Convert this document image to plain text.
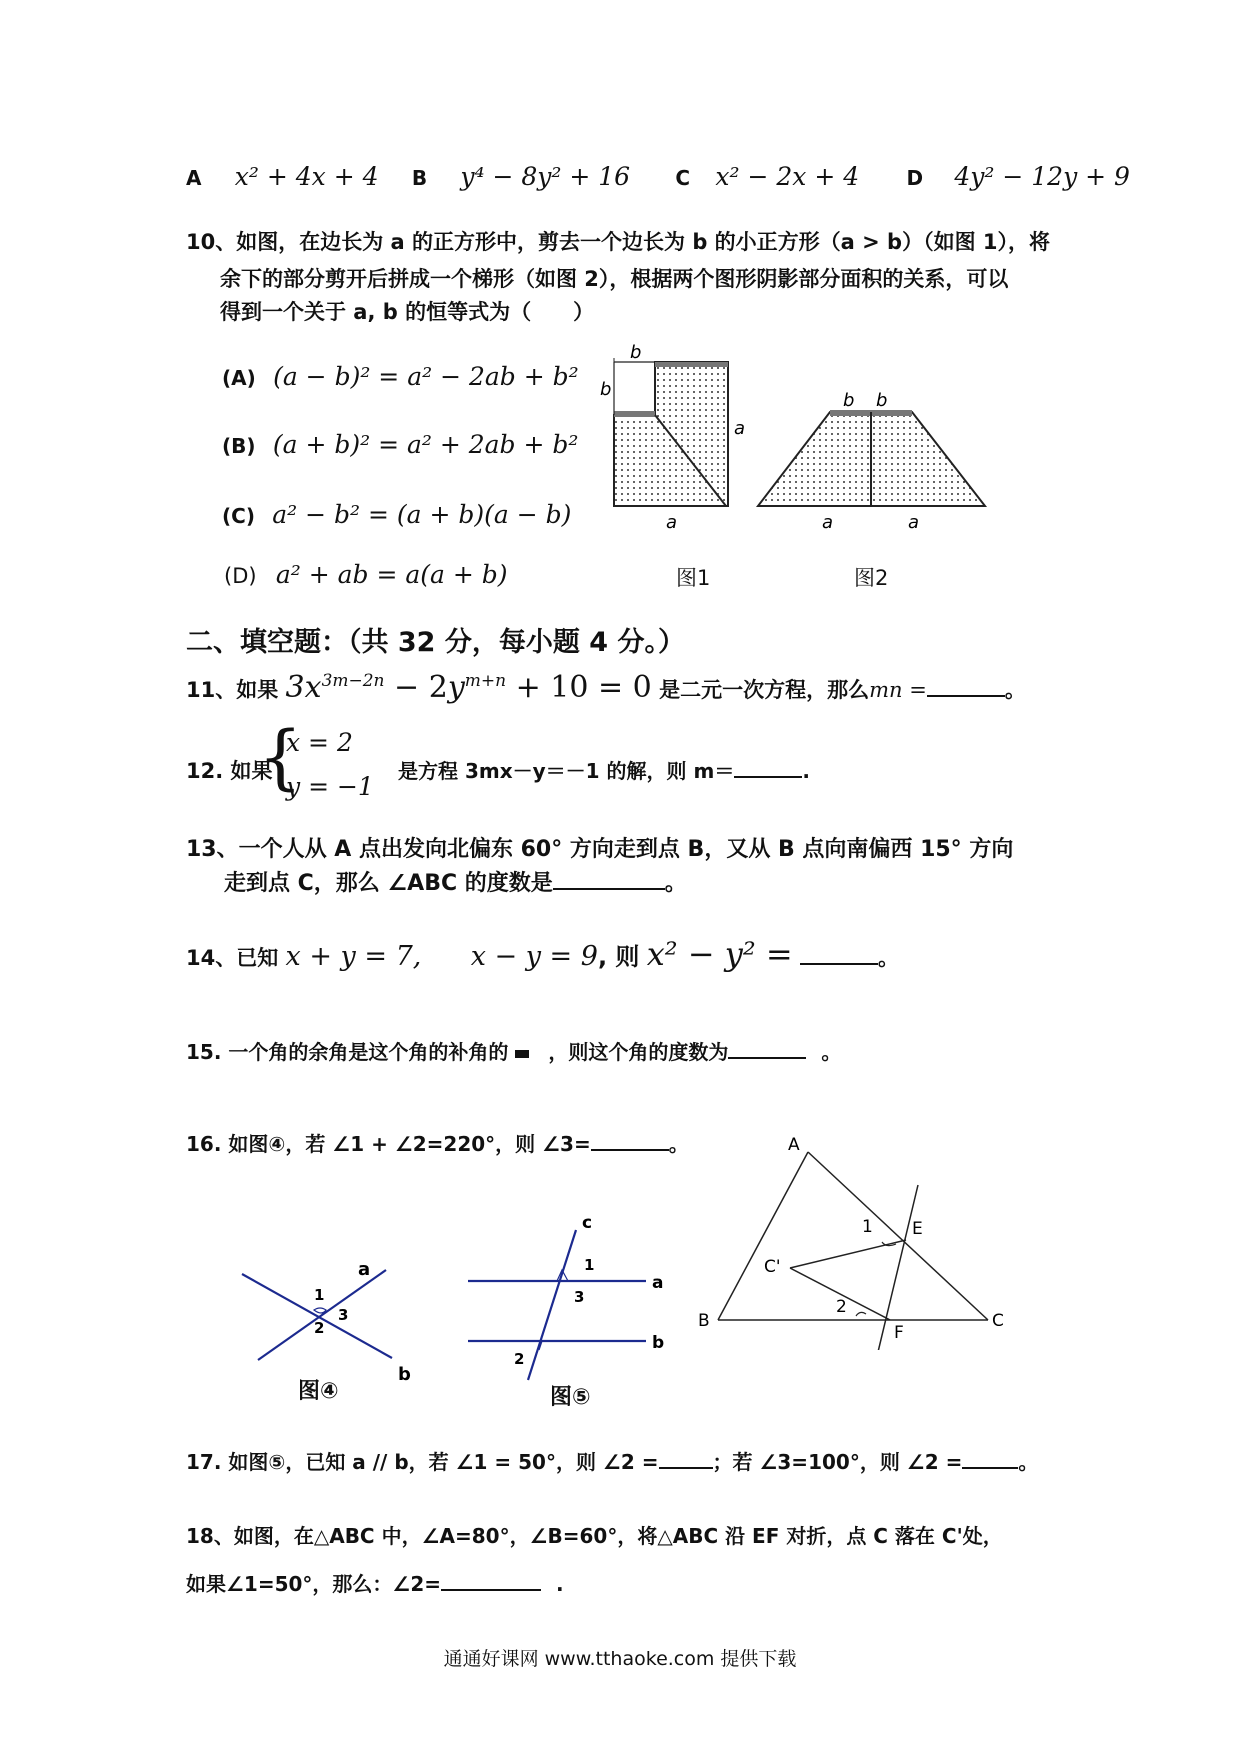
A x² + 4x + 4 B y⁴ − 8y² + 16 C x² − 2x + 4 D 4y² − 12y + 9
10、如图，在边长为 a 的正方形中，剪去一个边长为 b 的小正方形（a > b）（如图 1），将
余下的部分剪开后拼成一个梯形（如图 2），根据两个图形阴影部分面积的关系，可以
得到一个关于 a, b 的恒等式为（　　）
(A) (a − b)² = a² − 2ab + b²
(B) (a + b)² = a² + 2ab + b²
(C) a² − b² = (a + b)(a − b)
(D) a² + ab = a(a + b)
b
b
a
a
b b
a	a
图1	图2
二、填空题：（共 32 分，每小题 4 分。）
11、如果 $3x^{3m-2n} - 2y^{m+n} + 10 = 0$ 是二元一次方程，那么mn =	。
12. 如果
{
x = 2
y = −1
是方程 3mx－y＝－1 的解，则 m＝	.
13、一个人从 A 点出发向北偏东 60° 方向走到点 B，又从 B 点向南偏西 15° 方向
走到点 C，那么 ∠ABC 的度数是	。
14、已知 x + y = 7, x − y = 9, 则 x² − y² =	。
15. 一个角的余角是这个角的补角的 ，则这个角的度数为	。
16. 如图④，若 ∠1 + ∠2=220°，则 ∠3=	。
a
b
1
2
3
图④
c
a
b
1
3
2
图⑤
A
B	C
C'
E
F
1
2
17. 如图⑤，已知 a // b，若 ∠1 = 50°，则 ∠2 =	；若 ∠3=100°，则 ∠2 =	。
18、如图，在△ABC 中，∠A=80°，∠B=60°，将△ABC 沿 EF 对折，点 C 落在 C'处，
如果∠1=50°，那么：∠2=	.
通通好课网 www.tthaoke.com 提供下载
